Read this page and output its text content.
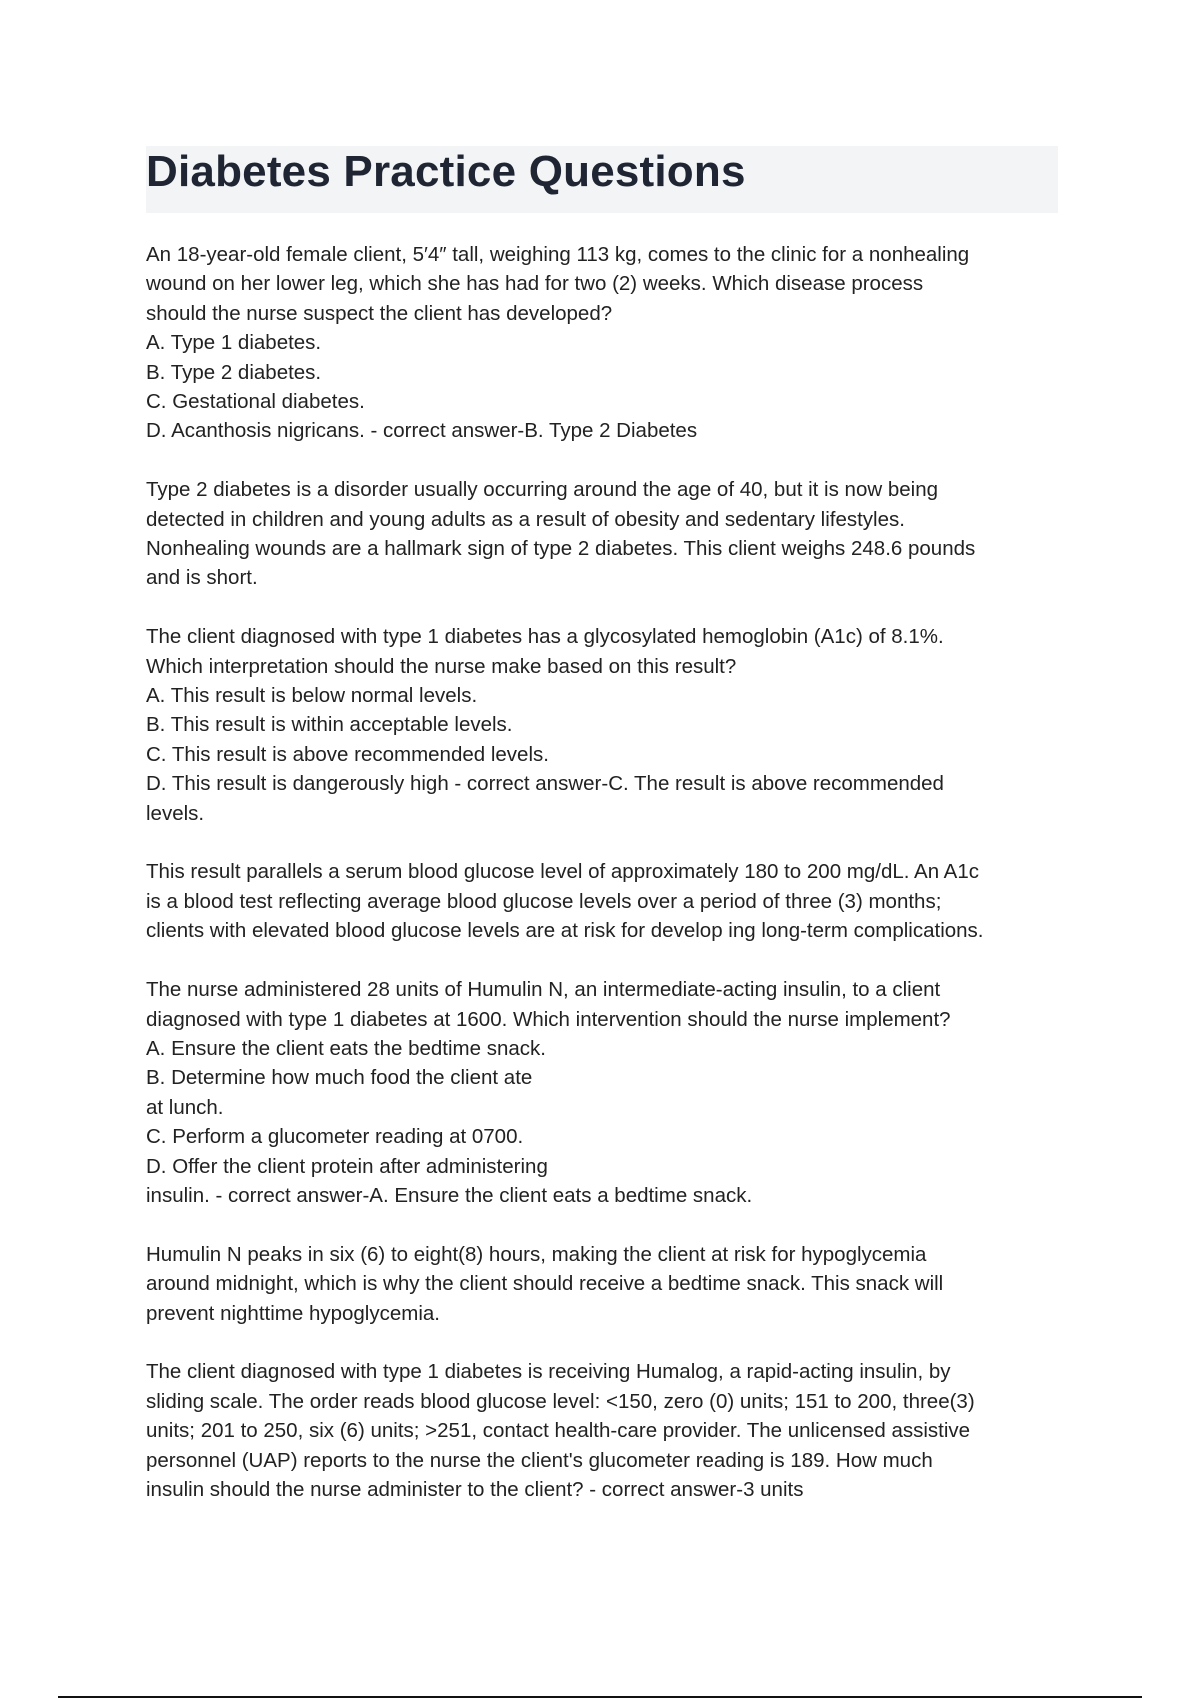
Diabetes Practice Questions
An 18-year-old female client, 5′4″ tall, weighing 113 kg, comes to the clinic for a nonhealing
wound on her lower leg, which she has had for two (2) weeks. Which disease process
should the nurse suspect the client has developed?
A. Type 1 diabetes.
B. Type 2 diabetes.
C. Gestational diabetes.
D. Acanthosis nigricans. - correct answer-B. Type 2 Diabetes
Type 2 diabetes is a disorder usually occurring around the age of 40, but it is now being
detected in children and young adults as a result of obesity and sedentary lifestyles.
Nonhealing wounds are a hallmark sign of type 2 diabetes. This client weighs 248.6 pounds
and is short.
The client diagnosed with type 1 diabetes has a glycosylated hemoglobin (A1c) of 8.1%.
Which interpretation should the nurse make based on this result?
A. This result is below normal levels.
B. This result is within acceptable levels.
C. This result is above recommended levels.
D. This result is dangerously high - correct answer-C. The result is above recommended
levels.
This result parallels a serum blood glucose level of approximately 180 to 200 mg/dL. An A1c
is a blood test reflecting average blood glucose levels over a period of three (3) months;
clients with elevated blood glucose levels are at risk for develop ing long-term complications.
The nurse administered 28 units of Humulin N, an intermediate-acting insulin, to a client
diagnosed with type 1 diabetes at 1600. Which intervention should the nurse implement?
A. Ensure the client eats the bedtime snack.
B. Determine how much food the client ate
at lunch.
C. Perform a glucometer reading at 0700.
D. Offer the client protein after administering
insulin. - correct answer-A. Ensure the client eats a bedtime snack.
Humulin N peaks in six (6) to eight(8) hours, making the client at risk for hypoglycemia
around midnight, which is why the client should receive a bedtime snack. This snack will
prevent nighttime hypoglycemia.
The client diagnosed with type 1 diabetes is receiving Humalog, a rapid-acting insulin, by
sliding scale. The order reads blood glucose level: <150, zero (0) units; 151 to 200, three(3)
units; 201 to 250, six (6) units; >251, contact health-care provider. The unlicensed assistive
personnel (UAP) reports to the nurse the client's glucometer reading is 189. How much
insulin should the nurse administer to the client? - correct answer-3 units
